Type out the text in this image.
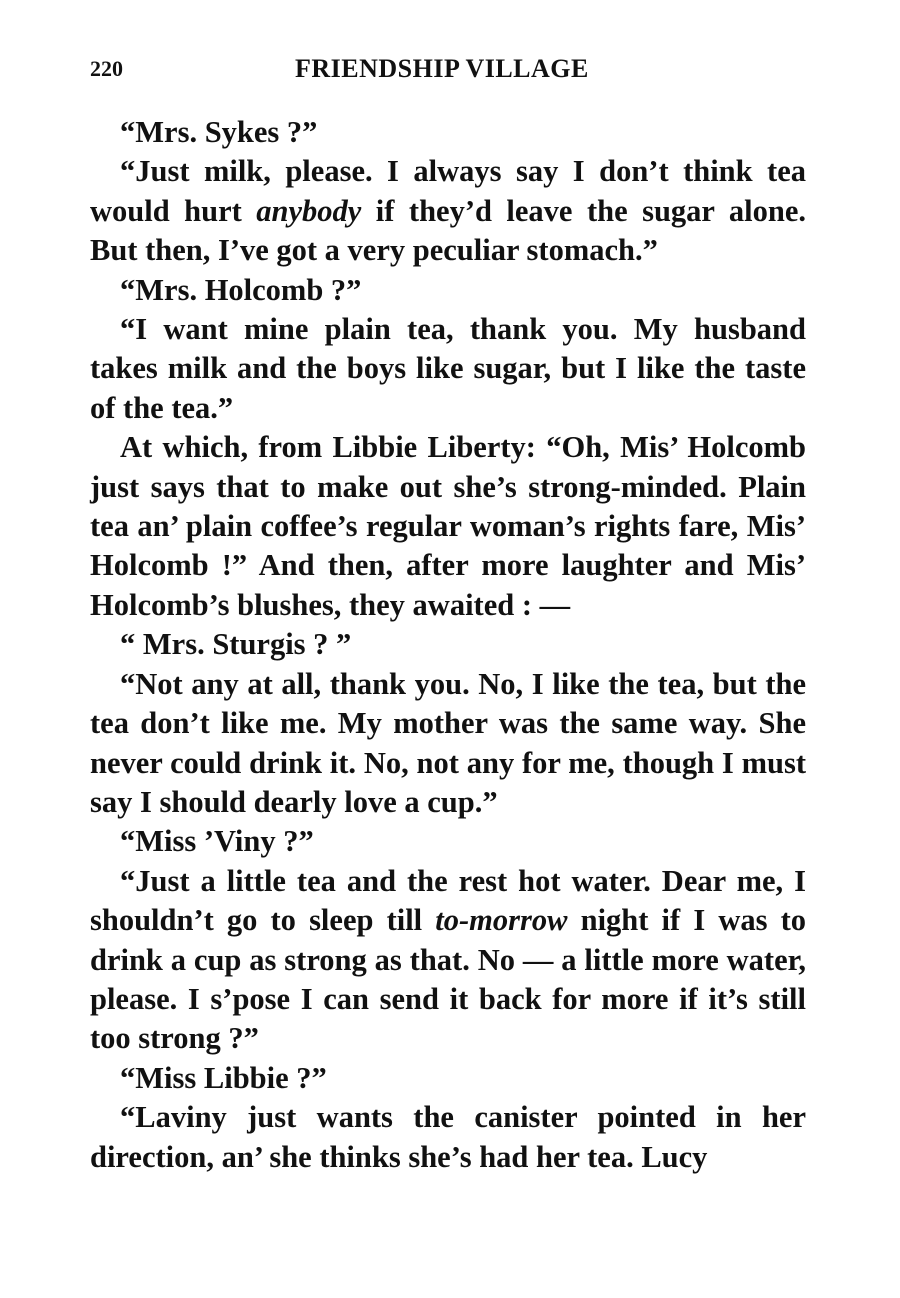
220	FRIENDSHIP VILLAGE

“Mrs. Sykes ?”

“Just milk, please. I always say I don’t think tea would hurt anybody if they’d leave the sugar alone. But then, I’ve got a very peculiar stomach.”

“Mrs. Holcomb ?”

“I want mine plain tea, thank you. My husband takes milk and the boys like sugar, but I like the taste of the tea.”

At which, from Libbie Liberty: “Oh, Mis’ Holcomb just says that to make out she’s strong-minded. Plain tea an’ plain coffee’s regular woman’s rights fare, Mis’ Holcomb !” And then, after more laughter and Mis’ Holcomb’s blushes, they awaited : —

“ Mrs. Sturgis ? ”

“Not any at all, thank you. No, I like the tea, but the tea don’t like me. My mother was the same way. She never could drink it. No, not any for me, though I must say I should dearly love a cup.”

“Miss ’Viny ?”

“Just a little tea and the rest hot water. Dear me, I shouldn’t go to sleep till to-morrow night if I was to drink a cup as strong as that. No — a little more water, please. I s’pose I can send it back for more if it’s still too strong ?”

“Miss Libbie ?”

“Laviny just wants the canister pointed in her direction, an’ she thinks she’s had her tea. Lucy
